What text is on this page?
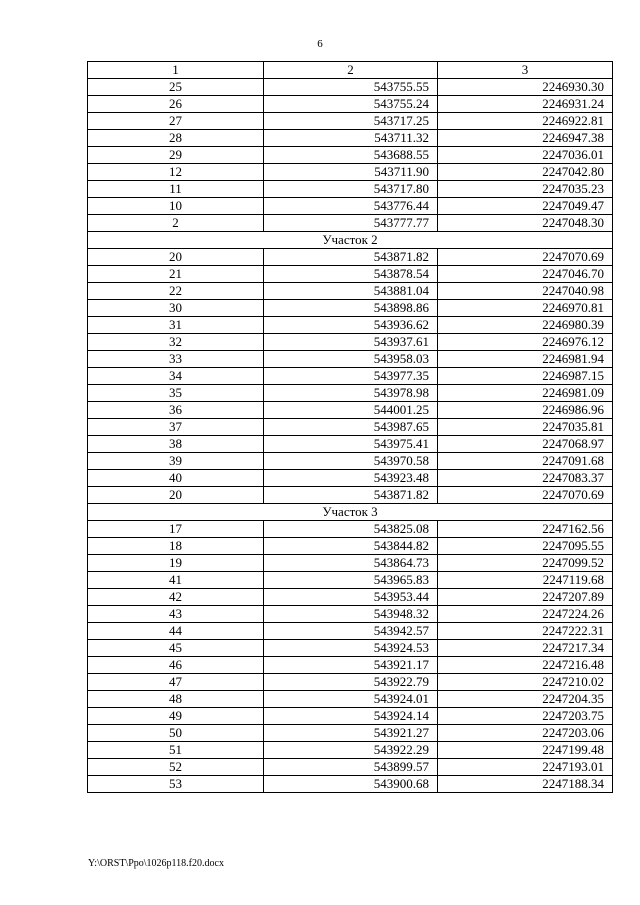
6
1	2	3
25	543755.55	2246930.30
26	543755.24	2246931.24
27	543717.25	2246922.81
28	543711.32	2246947.38
29	543688.55	2247036.01
12	543711.90	2247042.80
11	543717.80	2247035.23
10	543776.44	2247049.47
2	543777.77	2247048.30
Участок 2		
20	543871.82	2247070.69
21	543878.54	2247046.70
22	543881.04	2247040.98
30	543898.86	2246970.81
31	543936.62	2246980.39
32	543937.61	2246976.12
33	543958.03	2246981.94
34	543977.35	2246987.15
35	543978.98	2246981.09
36	544001.25	2246986.96
37	543987.65	2247035.81
38	543975.41	2247068.97
39	543970.58	2247091.68
40	543923.48	2247083.37
20	543871.82	2247070.69
Участок 3		
17	543825.08	2247162.56
18	543844.82	2247095.55
19	543864.73	2247099.52
41	543965.83	2247119.68
42	543953.44	2247207.89
43	543948.32	2247224.26
44	543942.57	2247222.31
45	543924.53	2247217.34
46	543921.17	2247216.48
47	543922.79	2247210.02
48	543924.01	2247204.35
49	543924.14	2247203.75
50	543921.27	2247203.06
51	543922.29	2247199.48
52	543899.57	2247193.01
53	543900.68	2247188.34
Y:\ORST\Ppo\1026p118.f20.docx
